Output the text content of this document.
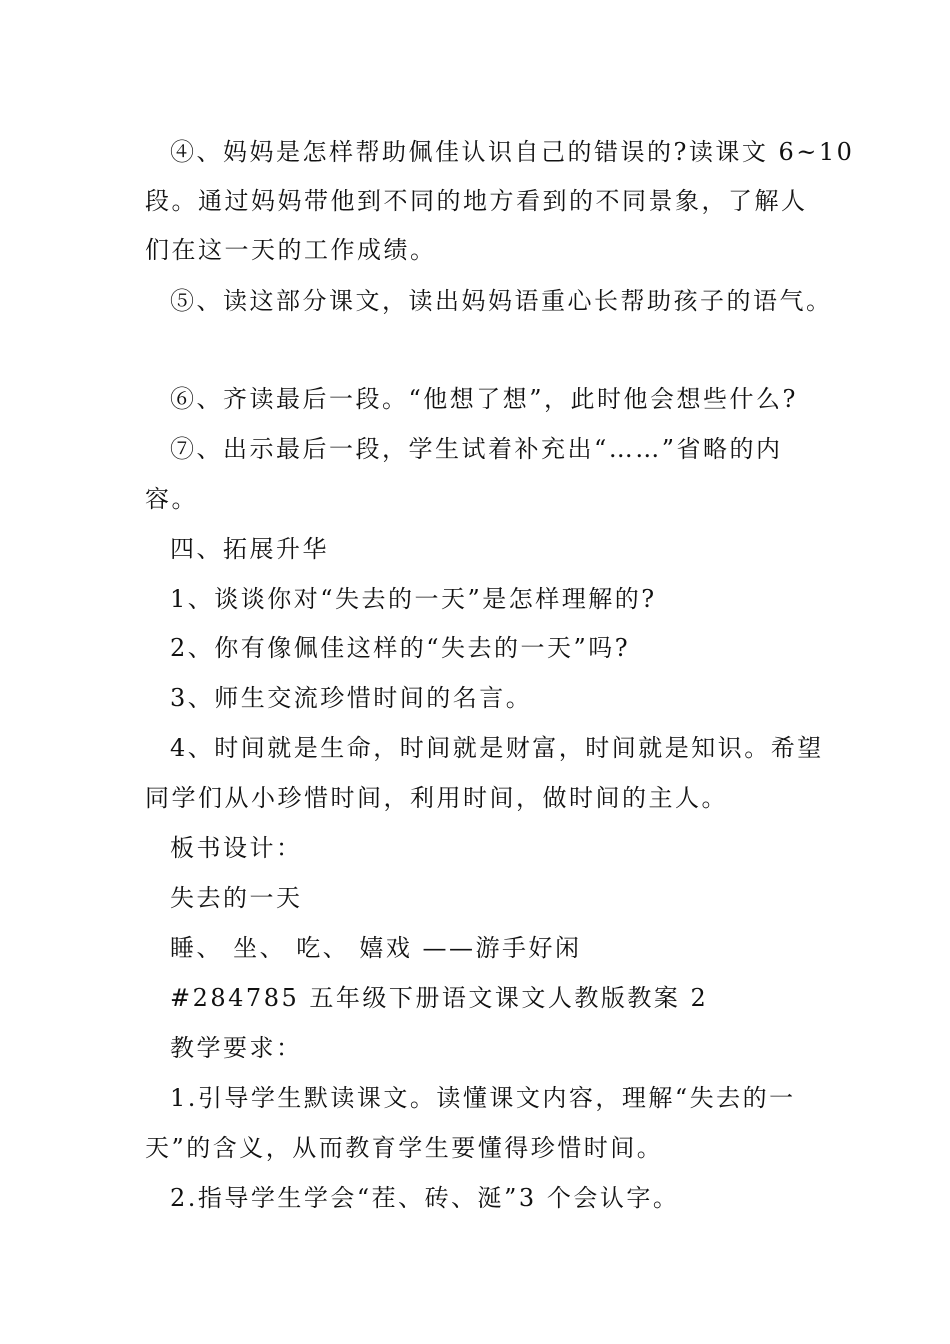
④、妈妈是怎样帮助佩佳认识自己的错误的?读课文 6~10
段。通过妈妈带他到不同的地方看到的不同景象，了解人
们在这一天的工作成绩。
⑤、读这部分课文，读出妈妈语重心长帮助孩子的语气。
⑥、齐读最后一段。“他想了想”，此时他会想些什么?
⑦、出示最后一段，学生试着补充出“……”省略的内
容。
四、拓展升华
1、谈谈你对“失去的一天”是怎样理解的?
2、你有像佩佳这样的“失去的一天”吗?
3、师生交流珍惜时间的名言。
4、时间就是生命，时间就是财富，时间就是知识。希望
同学们从小珍惜时间，利用时间，做时间的主人。
板书设计：
失去的一天
睡、 坐、 吃、 嬉戏 ——游手好闲
#284785 五年级下册语文课文人教版教案 2
教学要求：
1.引导学生默读课文。读懂课文内容，理解“失去的一
天”的含义，从而教育学生要懂得珍惜时间。
2.指导学生学会“茬、砖、涎”3 个会认字。
